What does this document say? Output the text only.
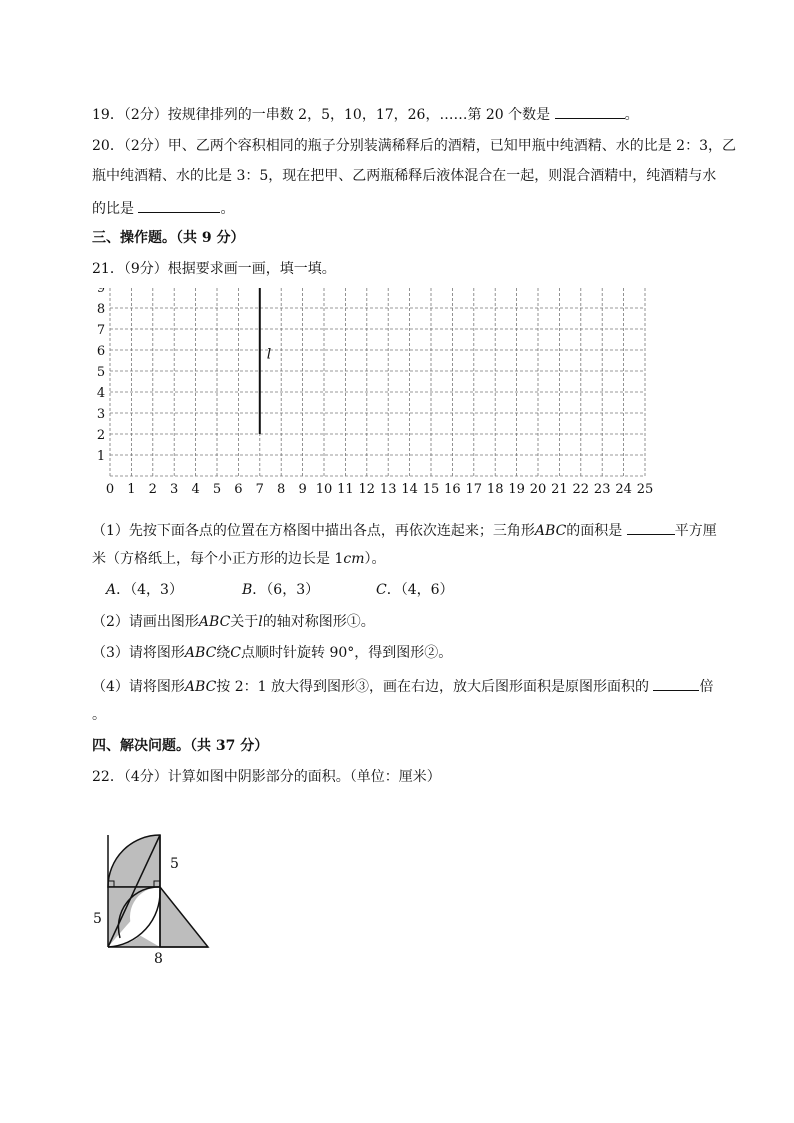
19．（2分）按规律排列的一串数 2，5，10，17，26，……第 20 个数是	。
20．（2分）甲、乙两个容积相同的瓶子分别装满稀释后的酒精，已知甲瓶中纯酒精、水的比是 2：3，乙
瓶中纯酒精、水的比是 3：5，现在把甲、乙两瓶稀释后液体混合在一起，则混合酒精中，纯酒精与水
的比是	。
三、操作题。（共 9 分）
21．（9分）根据要求画一画，填一填。
0 1 2 3 4 5 6 7 8 9 10 11 12 13 14 15 16 17 18 19 20 21 22 23 24 25
1
2
3
4
5
6
7
8
9
l
（1）先按下面各点的位置在方格图中描出各点，再依次连起来；三角形ABC的面积是	平方厘
米（方格纸上，每个小正方形的边长是 1cm）。
A．（4，3）	B．（6，3）	C．（4，6）
（2）请画出图形ABC关于l的轴对称图形①。
（3）请将图形ABC绕C点顺时针旋转 90°，得到图形②。
（4）请将图形ABC按 2：1 放大得到图形③，画在右边，放大后图形面积是原图形面积的	倍
。
四、解决问题。（共 37 分）
22．（4分）计算如图中阴影部分的面积。（单位：厘米）
5
5
8
